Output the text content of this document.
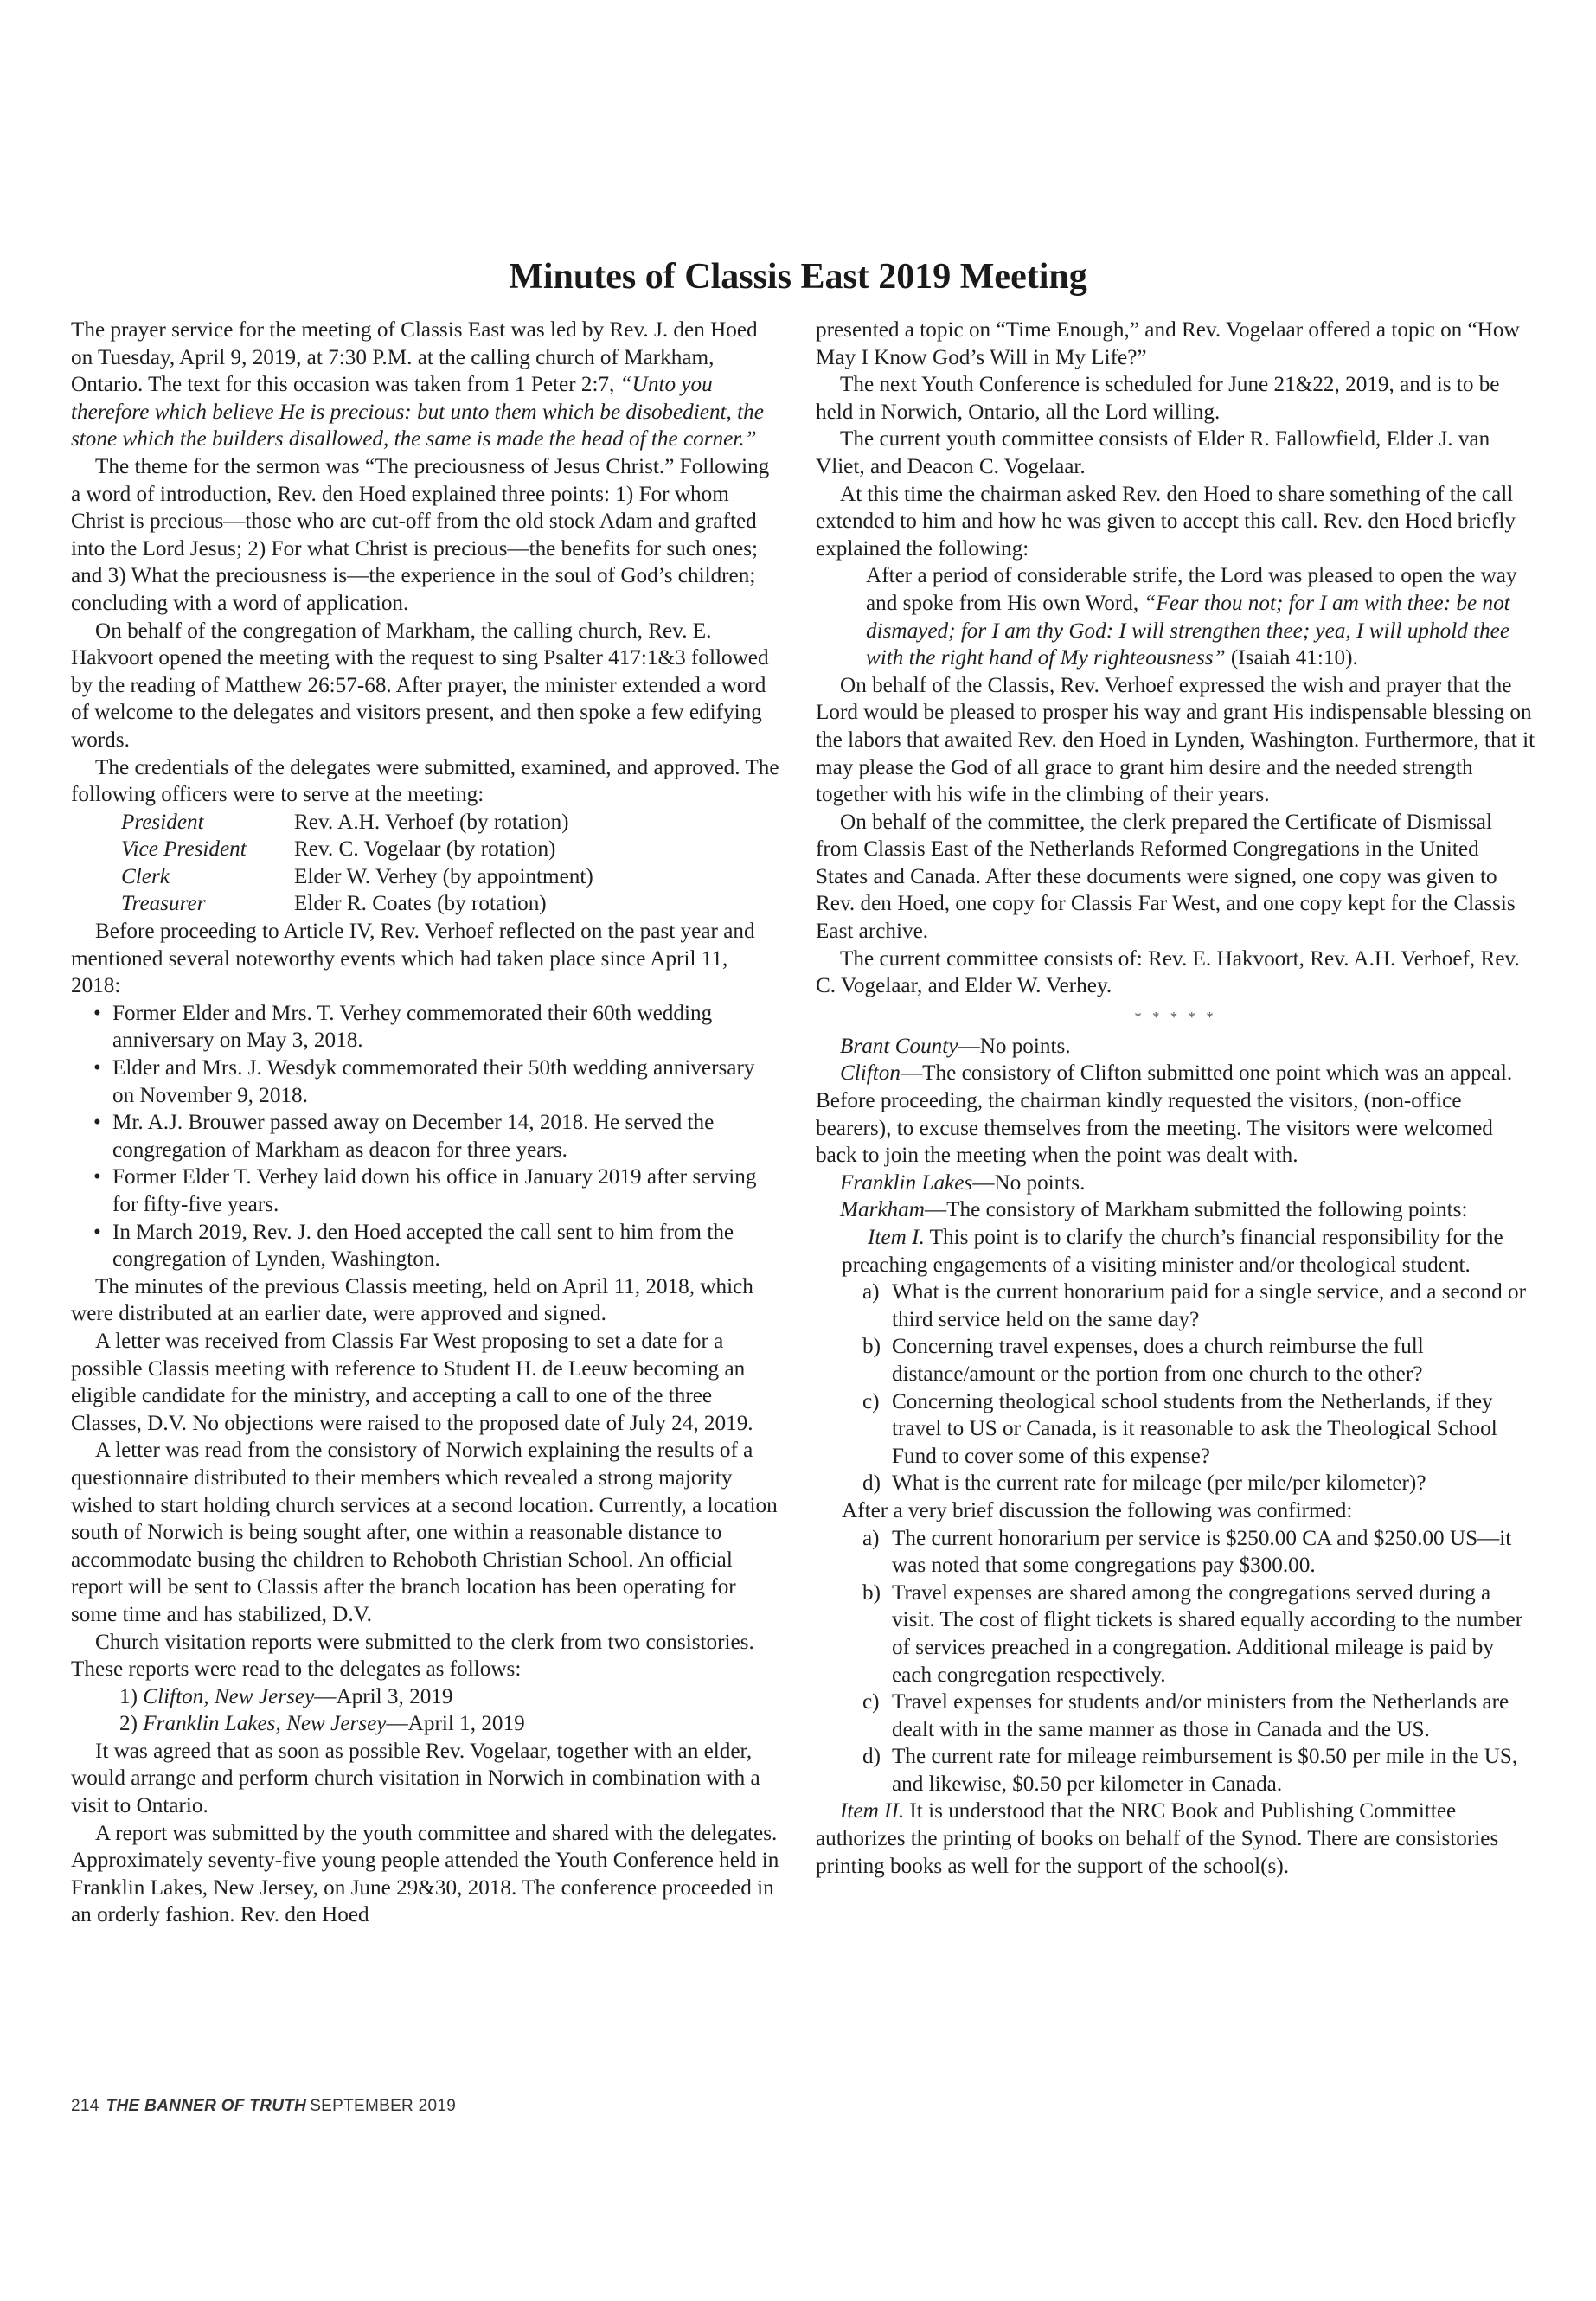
Minutes of Classis East 2019 Meeting

The prayer service for the meeting of Classis East was led by Rev. J. den Hoed on Tuesday, April 9, 2019, at 7:30 P.M. at the calling church of Markham, Ontario. The text for this occasion was taken from 1 Peter 2:7, “Unto you therefore which believe He is precious: but unto them which be disobedient, the stone which the builders disallowed, the same is made the head of the corner.”

The theme for the sermon was “The preciousness of Jesus Christ.” Following a word of introduction, Rev. den Hoed explained three points: 1) For whom Christ is precious—those who are cut-off from the old stock Adam and grafted into the Lord Jesus; 2) For what Christ is precious—the benefits for such ones; and 3) What the preciousness is—the experience in the soul of God’s children; concluding with a word of application.

On behalf of the congregation of Markham, the calling church, Rev. E. Hakvoort opened the meeting with the request to sing Psalter 417:1&3 followed by the reading of Matthew 26:57-68. After prayer, the minister extended a word of welcome to the delegates and visitors present, and then spoke a few edifying words.

The credentials of the delegates were submitted, examined, and approved. The following officers were to serve at the meeting:

President	Rev. A.H. Verhoef (by rotation)
Vice President	Rev. C. Vogelaar (by rotation)
Clerk	Elder W. Verhey (by appointment)
Treasurer	Elder R. Coates (by rotation)

Before proceeding to Article IV, Rev. Verhoef reflected on the past year and mentioned several noteworthy events which had taken place since April 11, 2018:

• Former Elder and Mrs. T. Verhey commemorated their 60th wedding anniversary on May 3, 2018.
• Elder and Mrs. J. Wesdyk commemorated their 50th wedding anniversary on November 9, 2018.
• Mr. A.J. Brouwer passed away on December 14, 2018. He served the congregation of Markham as deacon for three years.
• Former Elder T. Verhey laid down his office in January 2019 after serving for fifty-five years.
• In March 2019, Rev. J. den Hoed accepted the call sent to him from the congregation of Lynden, Washington.

The minutes of the previous Classis meeting, held on April 11, 2018, which were distributed at an earlier date, were approved and signed.

A letter was received from Classis Far West proposing to set a date for a possible Classis meeting with reference to Student H. de Leeuw becoming an eligible candidate for the ministry, and accepting a call to one of the three Classes, D.V. No objections were raised to the proposed date of July 24, 2019.

A letter was read from the consistory of Norwich explaining the results of a questionnaire distributed to their members which revealed a strong majority wished to start holding church services at a second location. Currently, a location south of Norwich is being sought after, one within a reasonable distance to accommodate busing the children to Rehoboth Christian School. An official report will be sent to Classis after the branch location has been operating for some time and has stabilized, D.V.

Church visitation reports were submitted to the clerk from two consistories. These reports were read to the delegates as follows:

1) Clifton, New Jersey—April 3, 2019
2) Franklin Lakes, New Jersey—April 1, 2019

It was agreed that as soon as possible Rev. Vogelaar, together with an elder, would arrange and perform church visitation in Norwich in combination with a visit to Ontario.

A report was submitted by the youth committee and shared with the delegates. Approximately seventy-five young people attended the Youth Conference held in Franklin Lakes, New Jersey, on June 29&30, 2018. The conference proceeded in an orderly fashion. Rev. den Hoed

presented a topic on “Time Enough,” and Rev. Vogelaar offered a topic on “How May I Know God’s Will in My Life?”

The next Youth Conference is scheduled for June 21&22, 2019, and is to be held in Norwich, Ontario, all the Lord willing.

The current youth committee consists of Elder R. Fallowfield, Elder J. van Vliet, and Deacon C. Vogelaar.

At this time the chairman asked Rev. den Hoed to share something of the call extended to him and how he was given to accept this call. Rev. den Hoed briefly explained the following:

After a period of considerable strife, the Lord was pleased to open the way and spoke from His own Word, “Fear thou not; for I am with thee: be not dismayed; for I am thy God: I will strengthen thee; yea, I will uphold thee with the right hand of My righteousness” (Isaiah 41:10).

On behalf of the Classis, Rev. Verhoef expressed the wish and prayer that the Lord would be pleased to prosper his way and grant His indispensable blessing on the labors that awaited Rev. den Hoed in Lynden, Washington. Furthermore, that it may please the God of all grace to grant him desire and the needed strength together with his wife in the climbing of their years.

On behalf of the committee, the clerk prepared the Certificate of Dismissal from Classis East of the Netherlands Reformed Congregations in the United States and Canada. After these documents were signed, one copy was given to Rev. den Hoed, one copy for Classis Far West, and one copy kept for the Classis East archive.

The current committee consists of: Rev. E. Hakvoort, Rev. A.H. Verhoef, Rev. C. Vogelaar, and Elder W. Verhey.

* * * * *

Brant County—No points.

Clifton—The consistory of Clifton submitted one point which was an appeal. Before proceeding, the chairman kindly requested the visitors, (non-office bearers), to excuse themselves from the meeting. The visitors were welcomed back to join the meeting when the point was dealt with.

Franklin Lakes—No points.

Markham—The consistory of Markham submitted the following points:

Item I. This point is to clarify the church’s financial responsibility for the preaching engagements of a visiting minister and/or theological student.

a) What is the current honorarium paid for a single service, and a second or third service held on the same day?
b) Concerning travel expenses, does a church reimburse the full distance/amount or the portion from one church to the other?
c) Concerning theological school students from the Netherlands, if they travel to US or Canada, is it reasonable to ask the Theological School Fund to cover some of this expense?
d) What is the current rate for mileage (per mile/per kilometer)?

After a very brief discussion the following was confirmed:

a) The current honorarium per service is $250.00 CA and $250.00 US—it was noted that some congregations pay $300.00.
b) Travel expenses are shared among the congregations served during a visit. The cost of flight tickets is shared equally according to the number of services preached in a congregation. Additional mileage is paid by each congregation respectively.
c) Travel expenses for students and/or ministers from the Netherlands are dealt with in the same manner as those in Canada and the US.
d) The current rate for mileage reimbursement is $0.50 per mile in the US, and likewise, $0.50 per kilometer in Canada.

Item II. It is understood that the NRC Book and Publishing Committee authorizes the printing of books on behalf of the Synod. There are consistories printing books as well for the support of the school(s).

214 THE BANNER OF TRUTH SEPTEMBER 2019
